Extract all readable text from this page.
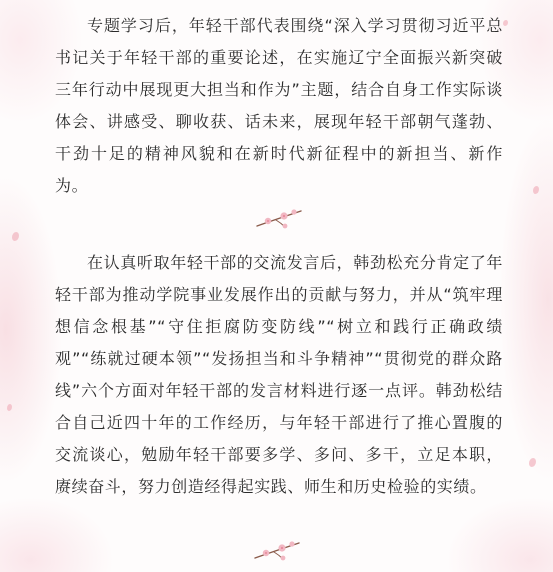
专题学习后，年轻干部代表围绕“深入学习贯彻习近平总书记关于年轻干部的重要论述，在实施辽宁全面振兴新突破三年行动中展现更大担当和作为”主题，结合自身工作实际谈体会、讲感受、聊收获、话未来，展现年轻干部朝气蓬勃、干劲十足的精神风貌和在新时代新征程中的新担当、新作为。

在认真听取年轻干部的交流发言后，韩劲松充分肯定了年轻干部为推动学院事业发展作出的贡献与努力，并从“筑牢理想信念根基”“守住拒腐防变防线”“树立和践行正确政绩观”“练就过硬本领”“发扬担当和斗争精神”“贯彻党的群众路线”六个方面对年轻干部的发言材料进行逐一点评。韩劲松结合自己近四十年的工作经历，与年轻干部进行了推心置腹的交流谈心，勉励年轻干部要多学、多问、多干，立足本职，赓续奋斗，努力创造经得起实践、师生和历史检验的实绩。
